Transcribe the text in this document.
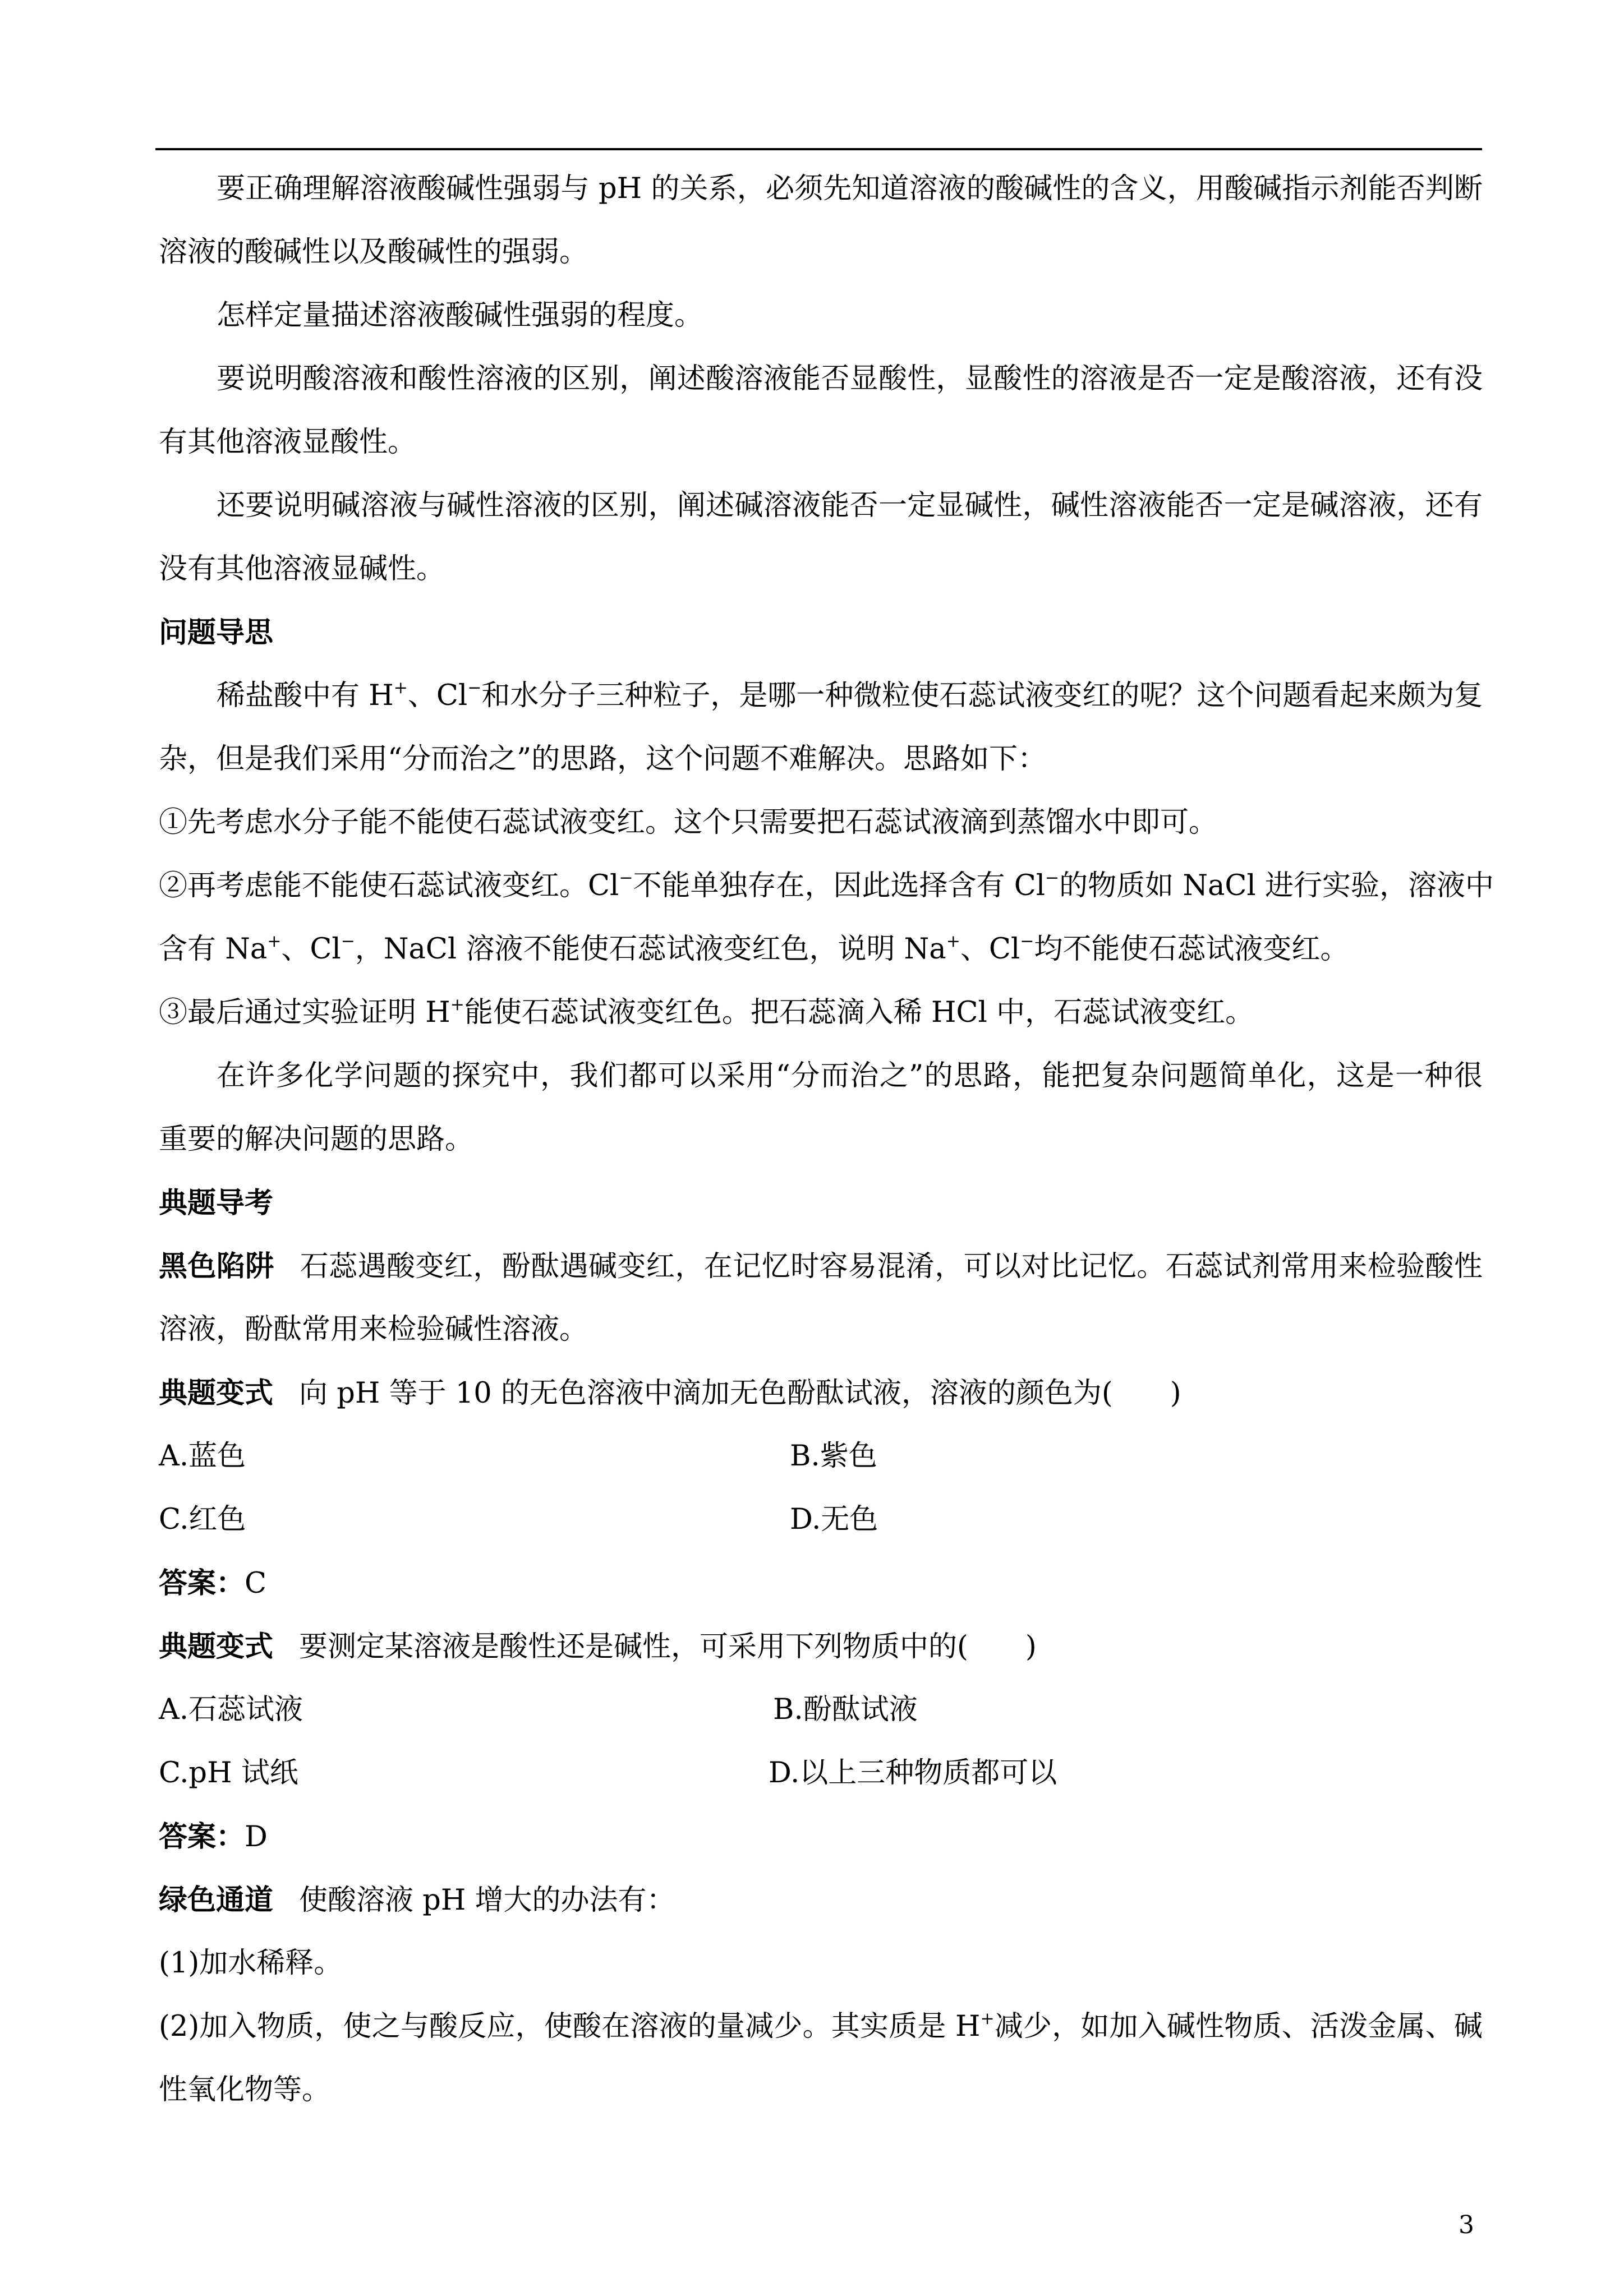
要正确理解溶液酸碱性强弱与 pH 的关系，必须先知道溶液的酸碱性的含义，用酸碱指示剂能否判断
溶液的酸碱性以及酸碱性的强弱。
怎样定量描述溶液酸碱性强弱的程度。
要说明酸溶液和酸性溶液的区别，阐述酸溶液能否显酸性，显酸性的溶液是否一定是酸溶液，还有没
有其他溶液显酸性。
还要说明碱溶液与碱性溶液的区别，阐述碱溶液能否一定显碱性，碱性溶液能否一定是碱溶液，还有
没有其他溶液显碱性。
问题导思
稀盐酸中有 H+、Cl−和水分子三种粒子，是哪一种微粒使石蕊试液变红的呢？这个问题看起来颇为复
杂，但是我们采用“分而治之”的思路，这个问题不难解决。思路如下：
①先考虑水分子能不能使石蕊试液变红。这个只需要把石蕊试液滴到蒸馏水中即可。
②再考虑能不能使石蕊试液变红。Cl−不能单独存在，因此选择含有 Cl−的物质如 NaCl 进行实验，溶液中
含有 Na+、Cl−，NaCl 溶液不能使石蕊试液变红色，说明 Na+、Cl−均不能使石蕊试液变红。
③最后通过实验证明 H+能使石蕊试液变红色。把石蕊滴入稀 HCl 中，石蕊试液变红。
在许多化学问题的探究中，我们都可以采用“分而治之”的思路，能把复杂问题简单化，这是一种很
重要的解决问题的思路。
典题导考
黑色陷阱 石蕊遇酸变红，酚酞遇碱变红，在记忆时容易混淆，可以对比记忆。石蕊试剂常用来检验酸性
溶液，酚酞常用来检验碱性溶液。
典题变式 向 pH 等于 10 的无色溶液中滴加无色酚酞试液，溶液的颜色为(　　)
A.蓝色	B.紫色
C.红色	D.无色
答案：C
典题变式 要测定某溶液是酸性还是碱性，可采用下列物质中的(　　)
A.石蕊试液	B.酚酞试液
C.pH 试纸	D.以上三种物质都可以
答案：D
绿色通道 使酸溶液 pH 增大的办法有：
(1)加水稀释。
(2)加入物质，使之与酸反应，使酸在溶液的量减少。其实质是 H+减少，如加入碱性物质、活泼金属、碱
性氧化物等。
3
